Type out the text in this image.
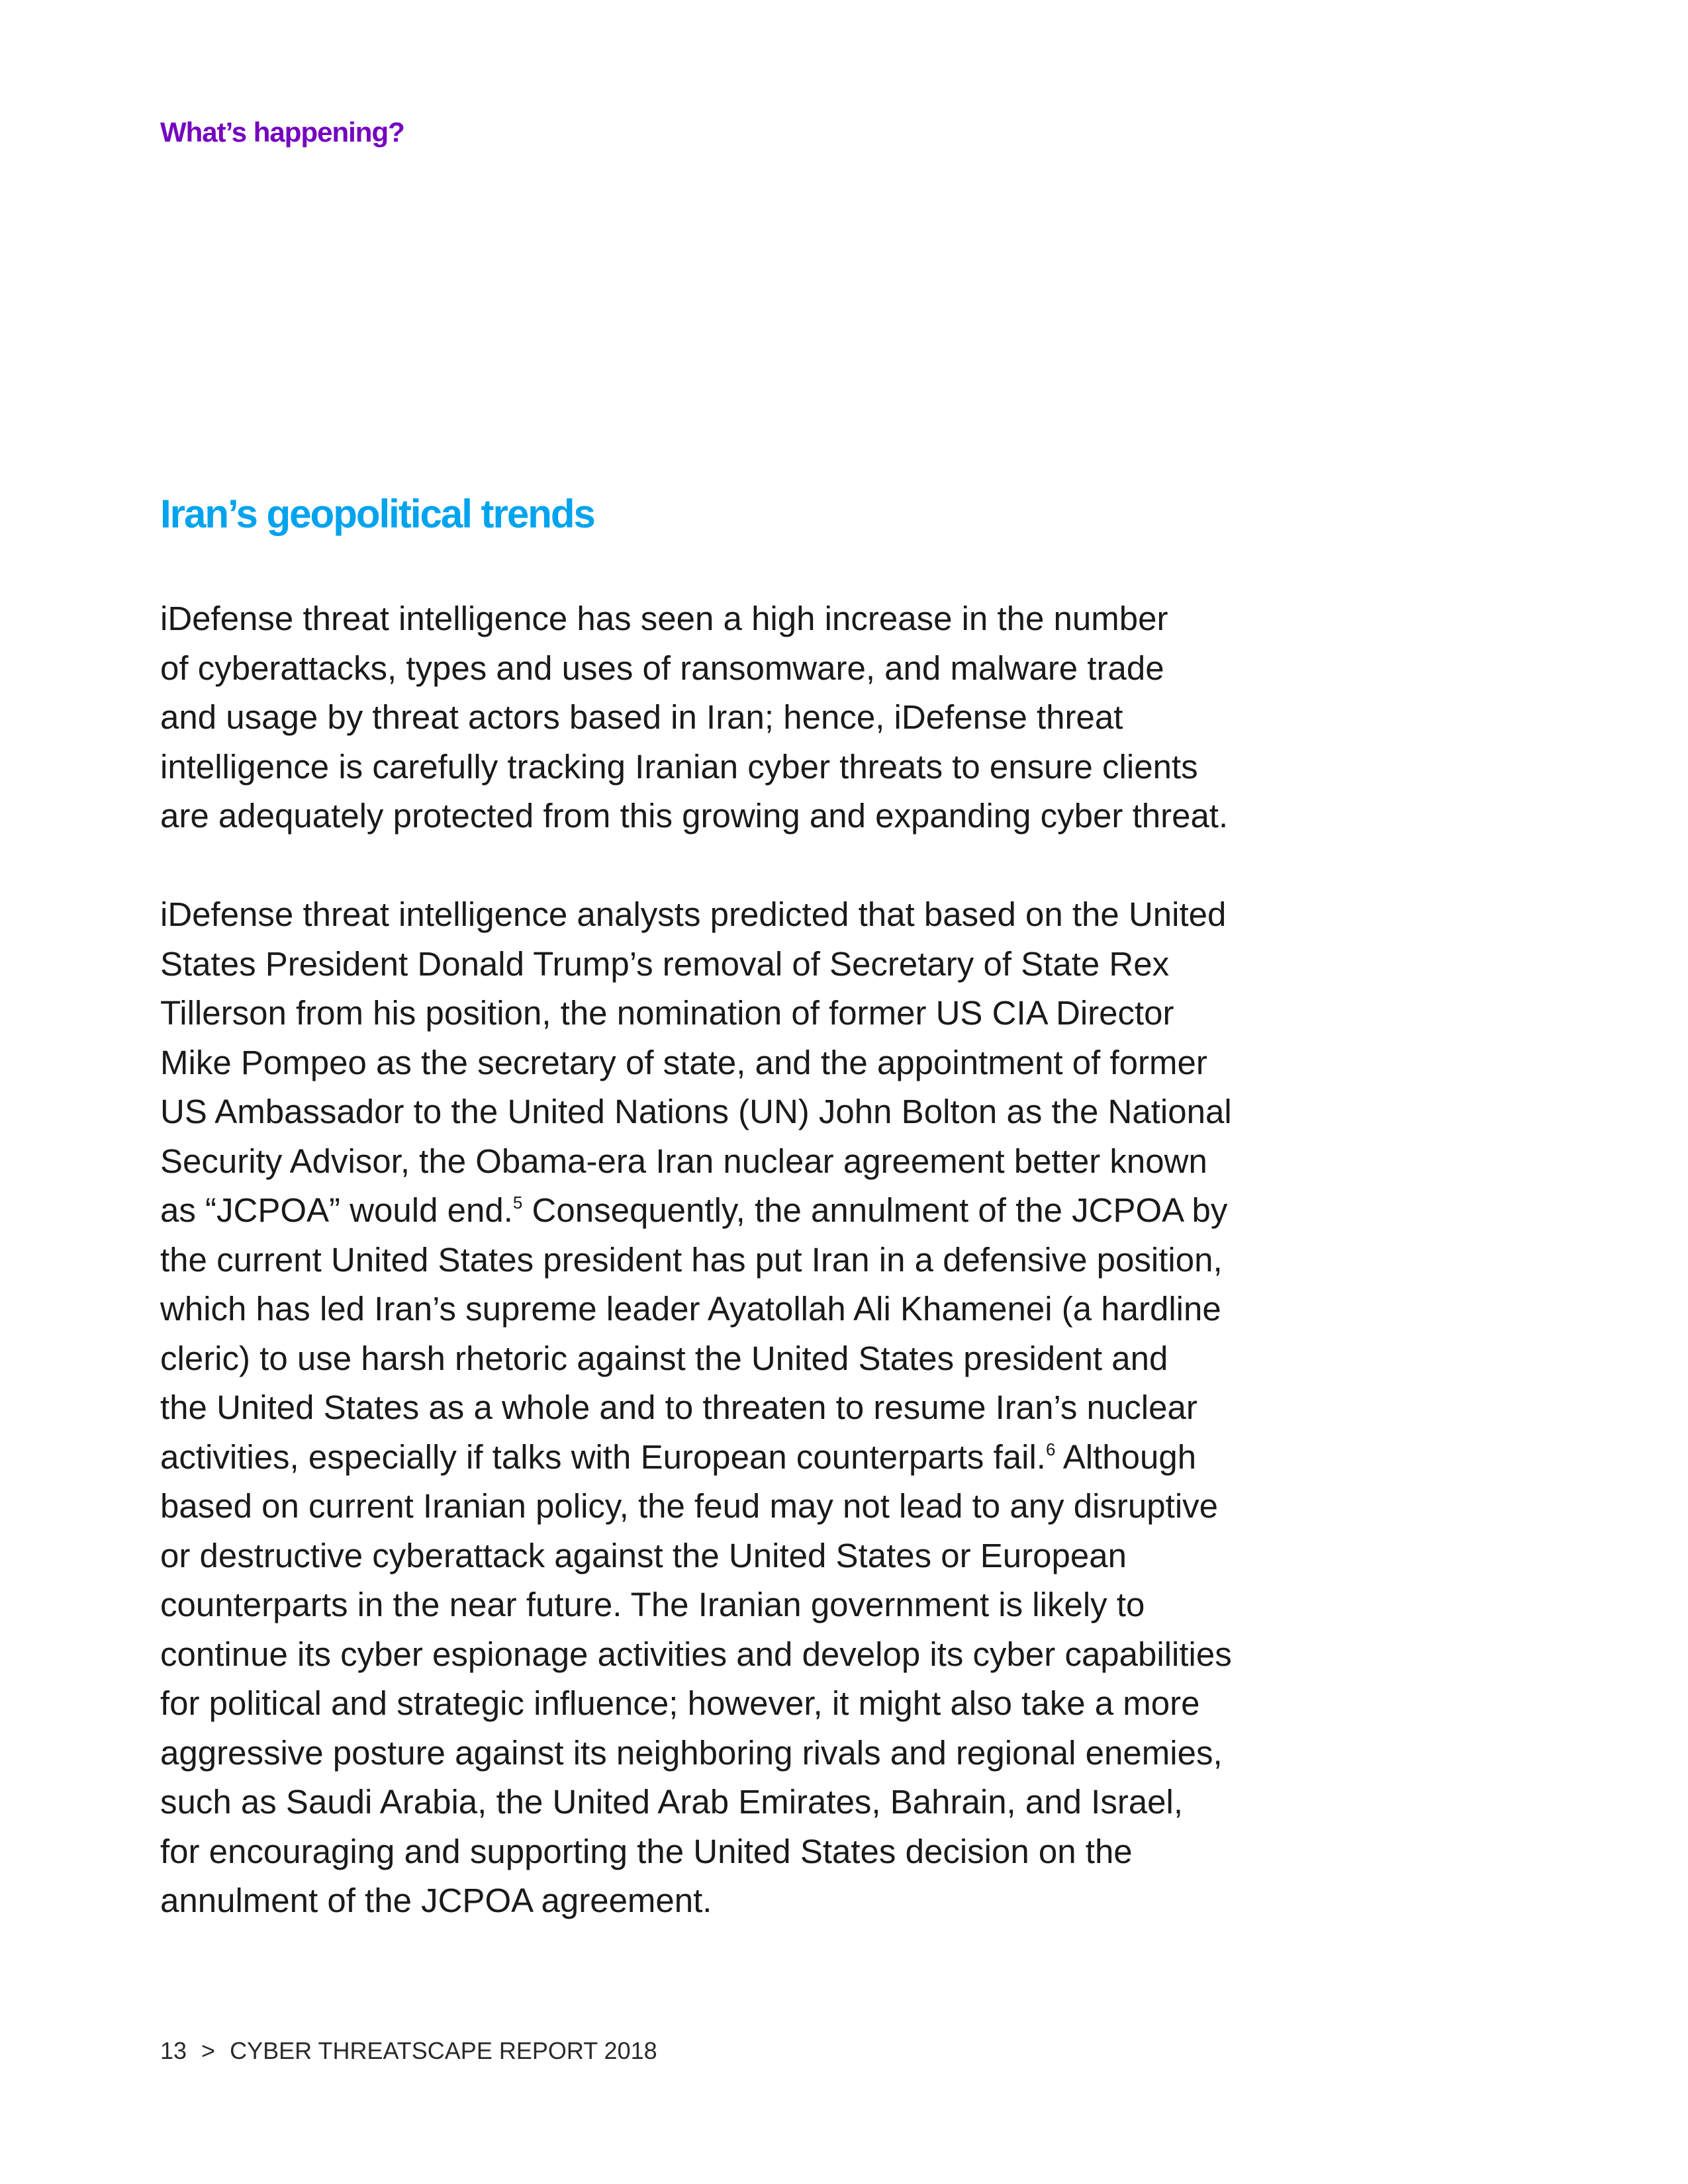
What’s happening?

Iran’s geopolitical trends

iDefense threat intelligence has seen a high increase in the number
of cyberattacks, types and uses of ransomware, and malware trade
and usage by threat actors based in Iran; hence, iDefense threat
intelligence is carefully tracking Iranian cyber threats to ensure clients
are adequately protected from this growing and expanding cyber threat.

iDefense threat intelligence analysts predicted that based on the United
States President Donald Trump’s removal of Secretary of State Rex
Tillerson from his position, the nomination of former US CIA Director
Mike Pompeo as the secretary of state, and the appointment of former
US Ambassador to the United Nations (UN) John Bolton as the National
Security Advisor, the Obama-era Iran nuclear agreement better known
as “JCPOA” would end.$^5$ Consequently, the annulment of the JCPOA by
the current United States president has put Iran in a defensive position,
which has led Iran’s supreme leader Ayatollah Ali Khamenei (a hardline
cleric) to use harsh rhetoric against the United States president and
the United States as a whole and to threaten to resume Iran’s nuclear
activities, especially if talks with European counterparts fail.$^6$ Although
based on current Iranian policy, the feud may not lead to any disruptive
or destructive cyberattack against the United States or European
counterparts in the near future. The Iranian government is likely to
continue its cyber espionage activities and develop its cyber capabilities
for political and strategic influence; however, it might also take a more
aggressive posture against its neighboring rivals and regional enemies,
such as Saudi Arabia, the United Arab Emirates, Bahrain, and Israel,
for encouraging and supporting the United States decision on the
annulment of the JCPOA agreement.

13 > CYBER THREATSCAPE REPORT 2018
